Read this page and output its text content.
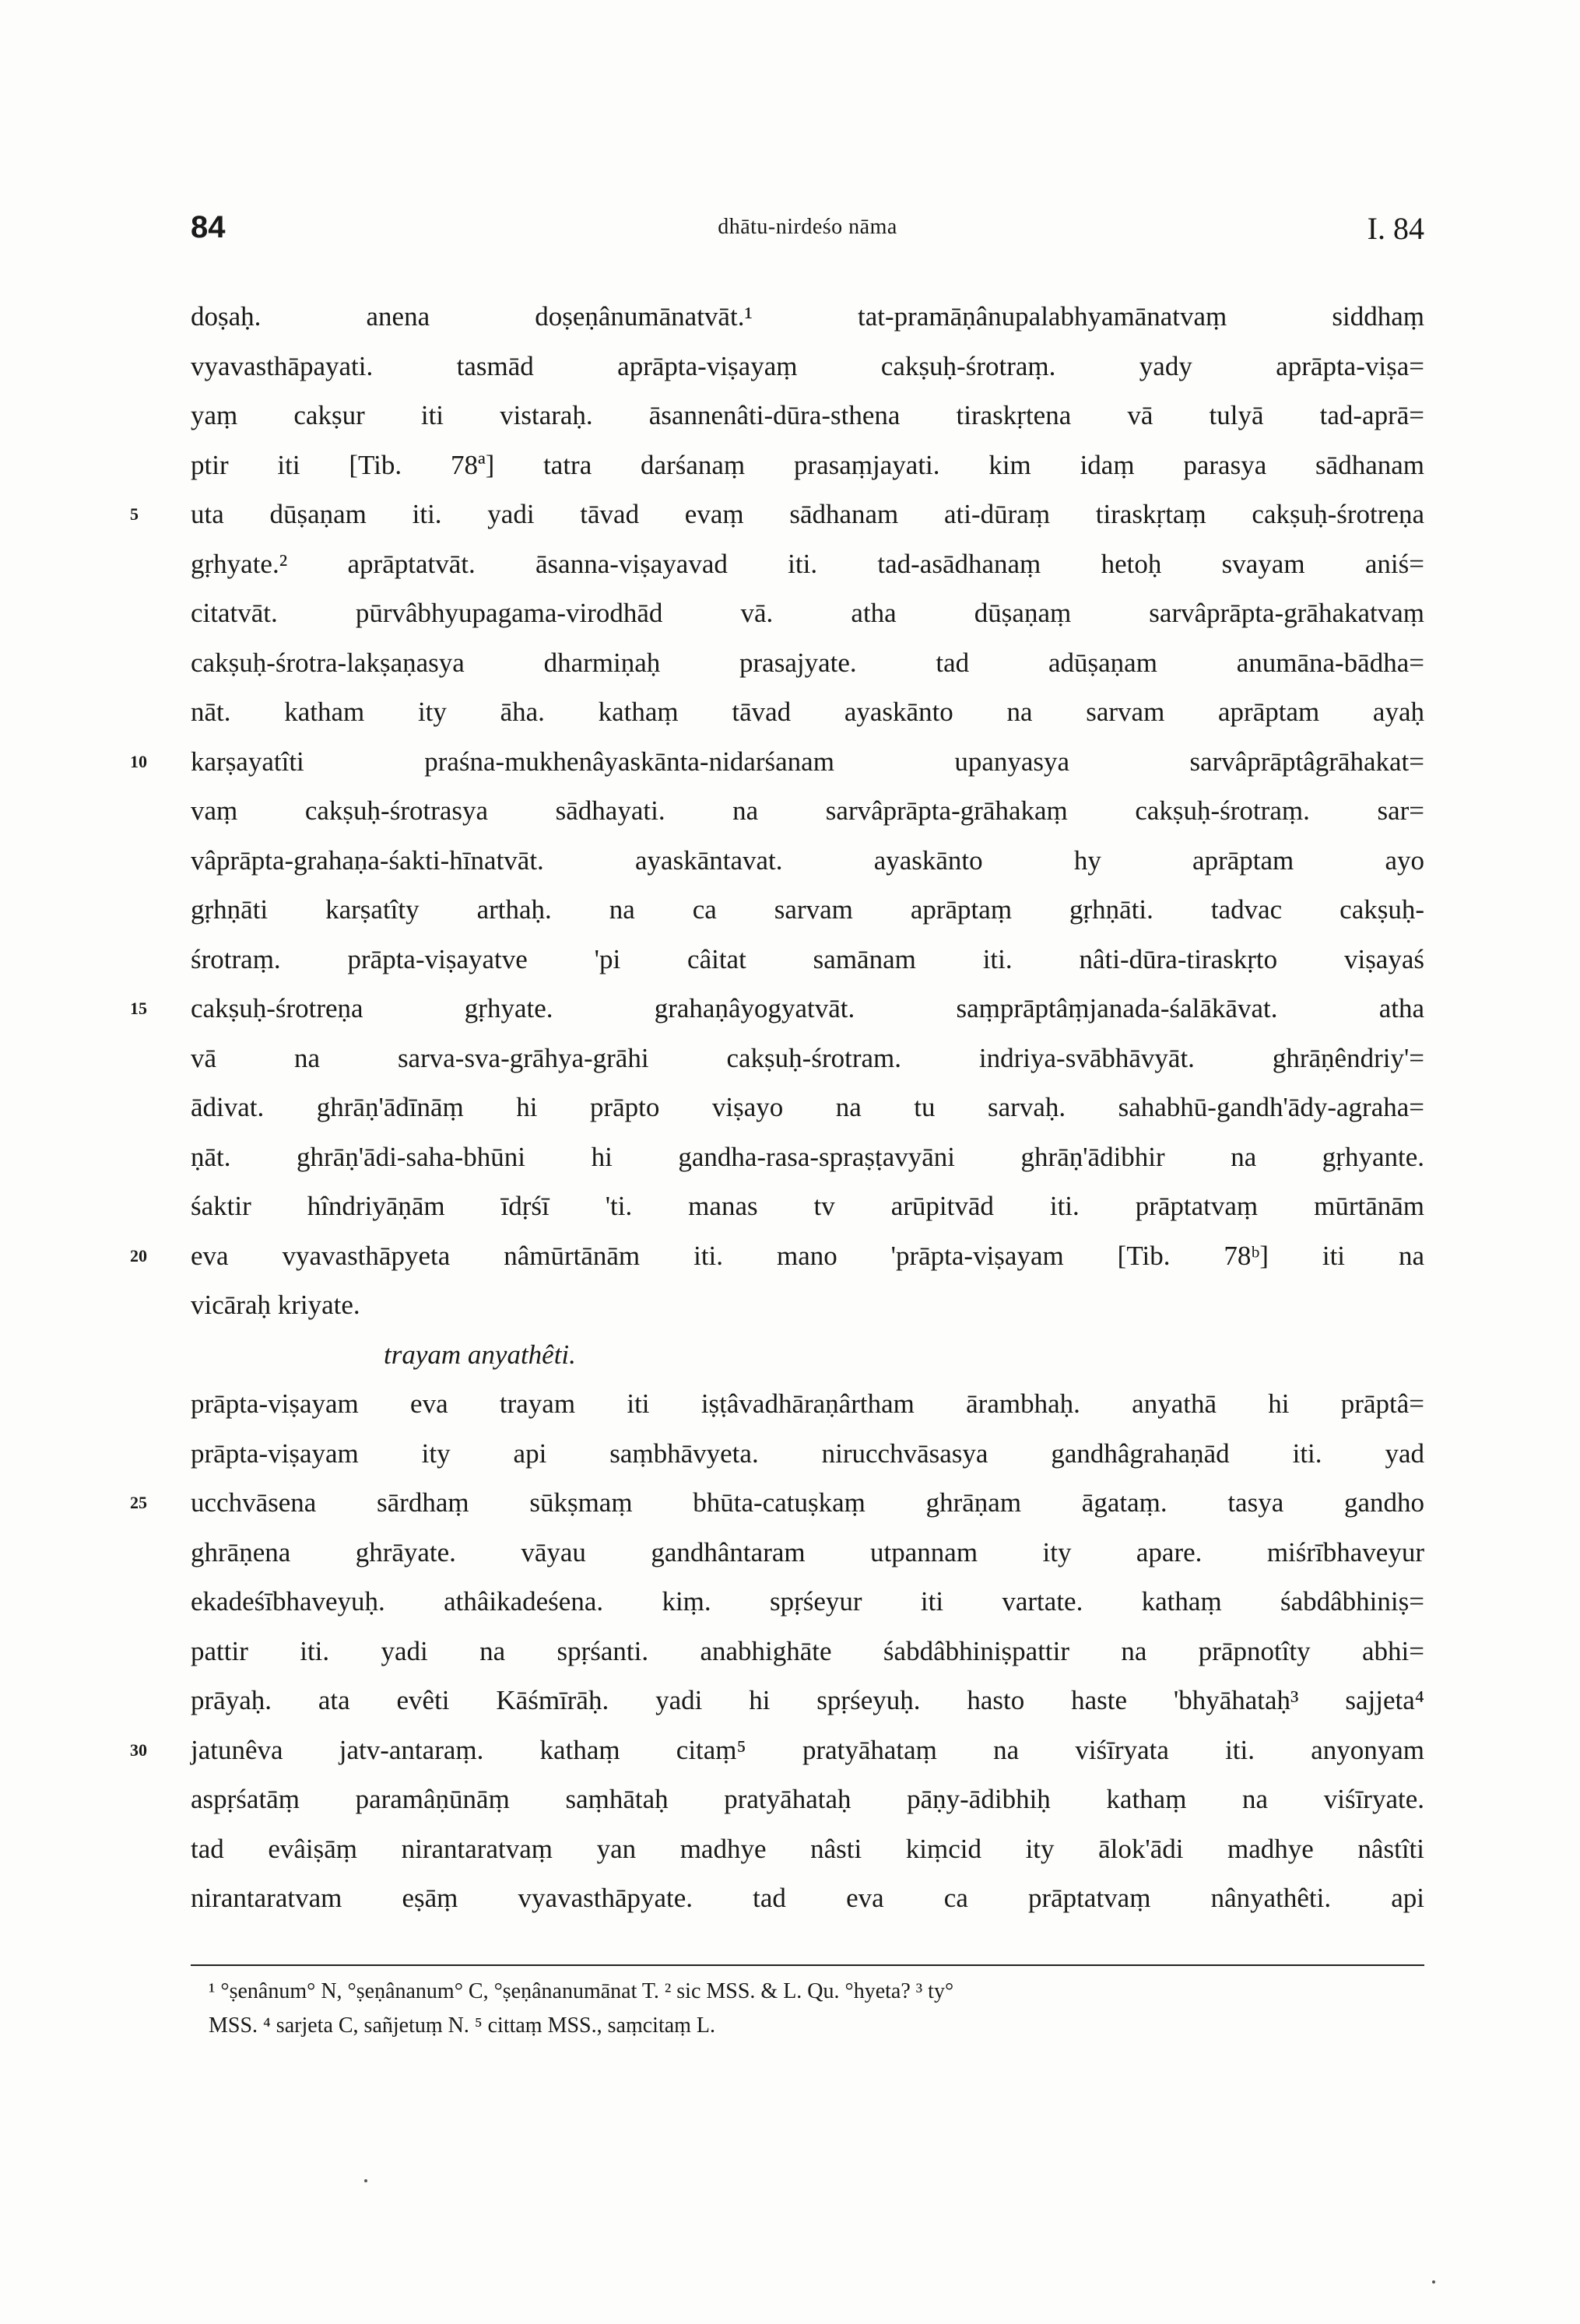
84	dhātu-nirdeśo nāma	I. 84
doṣaḥ. anena doṣeṇânumānatvāt.¹ tat-pramāṇânupalabhyamānatvaṃ siddhaṃ
vyavasthāpayati. tasmād aprāpta-viṣayaṃ cakṣuḥ-śrotraṃ. yady aprāpta-viṣa=
yaṃ cakṣur iti vistaraḥ. āsannenâti-dūra-sthena tiraskṛtena vā tulyā tad-aprā=
ptir iti [Tib. 78ª] tatra darśanaṃ prasaṃjayati. kim idaṃ parasya sādhanam
uta dūṣaṇam iti. yadi tāvad evaṃ sādhanam ati-dūraṃ tiraskṛtaṃ cakṣuḥ-śrotreṇa
5
gṛhyate.² aprāptatvāt. āsanna-viṣayavad iti. tad-asādhanaṃ hetoḥ svayam aniś=
citatvāt. pūrvâbhyupagama-virodhād vā. atha dūṣaṇaṃ sarvâprāpta-grāhakatvaṃ
cakṣuḥ-śrotra-lakṣaṇasya dharmiṇaḥ prasajyate. tad adūṣaṇam anumāna-bādha=
nāt. katham ity āha. kathaṃ tāvad ayaskānto na sarvam aprāptam ayaḥ
karṣayatîti praśna-mukhenâyaskānta-nidarśanam upanyasya sarvâprāptâgrāhakat=
10
vaṃ cakṣuḥ-śrotrasya sādhayati. na sarvâprāpta-grāhakaṃ cakṣuḥ-śrotraṃ. sar=
vâprāpta-grahaṇa-śakti-hīnatvāt. ayaskāntavat. ayaskānto hy aprāptam ayo
gṛhṇāti karṣatîty arthaḥ. na ca sarvam aprāptaṃ gṛhṇāti. tadvac cakṣuḥ-
śrotraṃ. prāpta-viṣayatve 'pi câitat samānam iti. nâti-dūra-tiraskṛto viṣayaś
cakṣuḥ-śrotreṇa gṛhyate. grahaṇâyogyatvāt. saṃprāptâṃjanada-śalākāvat. atha
15
vā na sarva-sva-grāhya-grāhi cakṣuḥ-śrotram. indriya-svābhāvyāt. ghrāṇêndriy'=
ādivat. ghrāṇ'ādīnāṃ hi prāpto viṣayo na tu sarvaḥ. sahabhū-gandh'ādy-agraha=
ṇāt. ghrāṇ'ādi-saha-bhūni hi gandha-rasa-spraṣṭavyāni ghrāṇ'ādibhir na gṛhyante.
śaktir hîndriyāṇām īdṛśī 'ti. manas tv arūpitvād iti. prāptatvaṃ mūrtānām
eva vyavasthāpyeta nâmūrtānām iti. mano 'prāpta-viṣayam [Tib. 78ᵇ] iti na
20
vicāraḥ kriyate.
trayam anyathêti.
prāpta-viṣayam eva trayam iti iṣṭâvadhāraṇârtham ārambhaḥ. anyathā hi prāptâ=
prāpta-viṣayam ity api saṃbhāvyeta. nirucchvāsasya gandhâgrahaṇād iti. yad
ucchvāsena sārdhaṃ sūkṣmaṃ bhūta-catuṣkaṃ ghrāṇam āgataṃ. tasya gandho
25
ghrāṇena ghrāyate. vāyau gandhântaram utpannam ity apare. miśrībhaveyur
ekadeśībhaveyuḥ. athâikadeśena. kiṃ. spṛśeyur iti vartate. kathaṃ śabdâbhiniṣ=
pattir iti. yadi na spṛśanti. anabhighāte śabdâbhiniṣpattir na prāpnotîty abhi=
prāyaḥ. ata evêti Kāśmīrāḥ. yadi hi spṛśeyuḥ. hasto haste 'bhyāhataḥ³ sajjeta⁴
jatunêva jatv-antaraṃ. kathaṃ citaṃ⁵ pratyāhataṃ na viśīryata iti. anyonyam
30
aspṛśatāṃ paramâṇūnāṃ saṃhātaḥ pratyāhataḥ pāṇy-ādibhiḥ kathaṃ na viśīryate.
tad evâiṣāṃ nirantaratvaṃ yan madhye nâsti kiṃcid ity ālok'ādi madhye nâstîti
nirantaratvam eṣāṃ vyavasthāpyate. tad eva ca prāptatvaṃ nânyathêti. api
¹ °ṣenânum° N, °ṣeṇânanum° C, °ṣeṇânanumānat T. ² sic MSS. & L. Qu. °hyeta? ³ ty°
MSS. ⁴ sarjeta C, sañjetuṃ N. ⁵ cittaṃ MSS., saṃcitaṃ L.
